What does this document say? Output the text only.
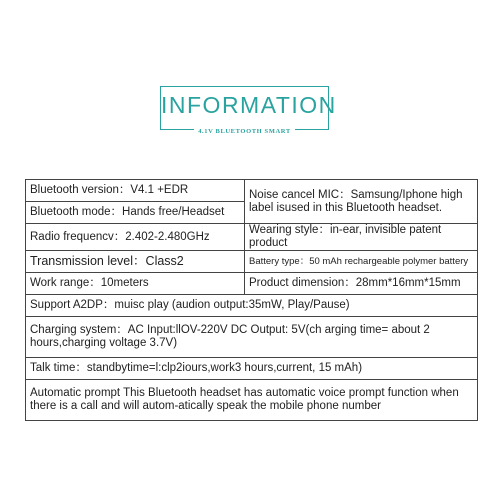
INFORMATION
4.1V BLUETOOTH SMART
Bluetooth version：V4.1 +EDR	Noise cancel MIC：Samsung/Iphone high label isused in this Bluetooth headset.
Bluetooth mode：Hands free/Headset	
Radio frequencv：2.402-2.480GHz	Wearing style：in-ear, invisible patent product
Transmission level：Class2	Battery type：50 mAh rechargeable polymer battery
Work range：10meters	Product dimension：28mm*16mm*15mm
Support A2DP：muisc play (audion output:35mW, Play/Pause)	
Charging system：AC Input:llOV-220V DC Output: 5V(ch arging time= about 2 hours,charging voltage 3.7V)	
Talk time：standbytime=l:clp2iours,work3 hours,current, 15 mAh)	
Automatic prompt This Bluetooth headset has automatic voice prompt function when there is a call and will autom-atically speak the mobile phone number	
